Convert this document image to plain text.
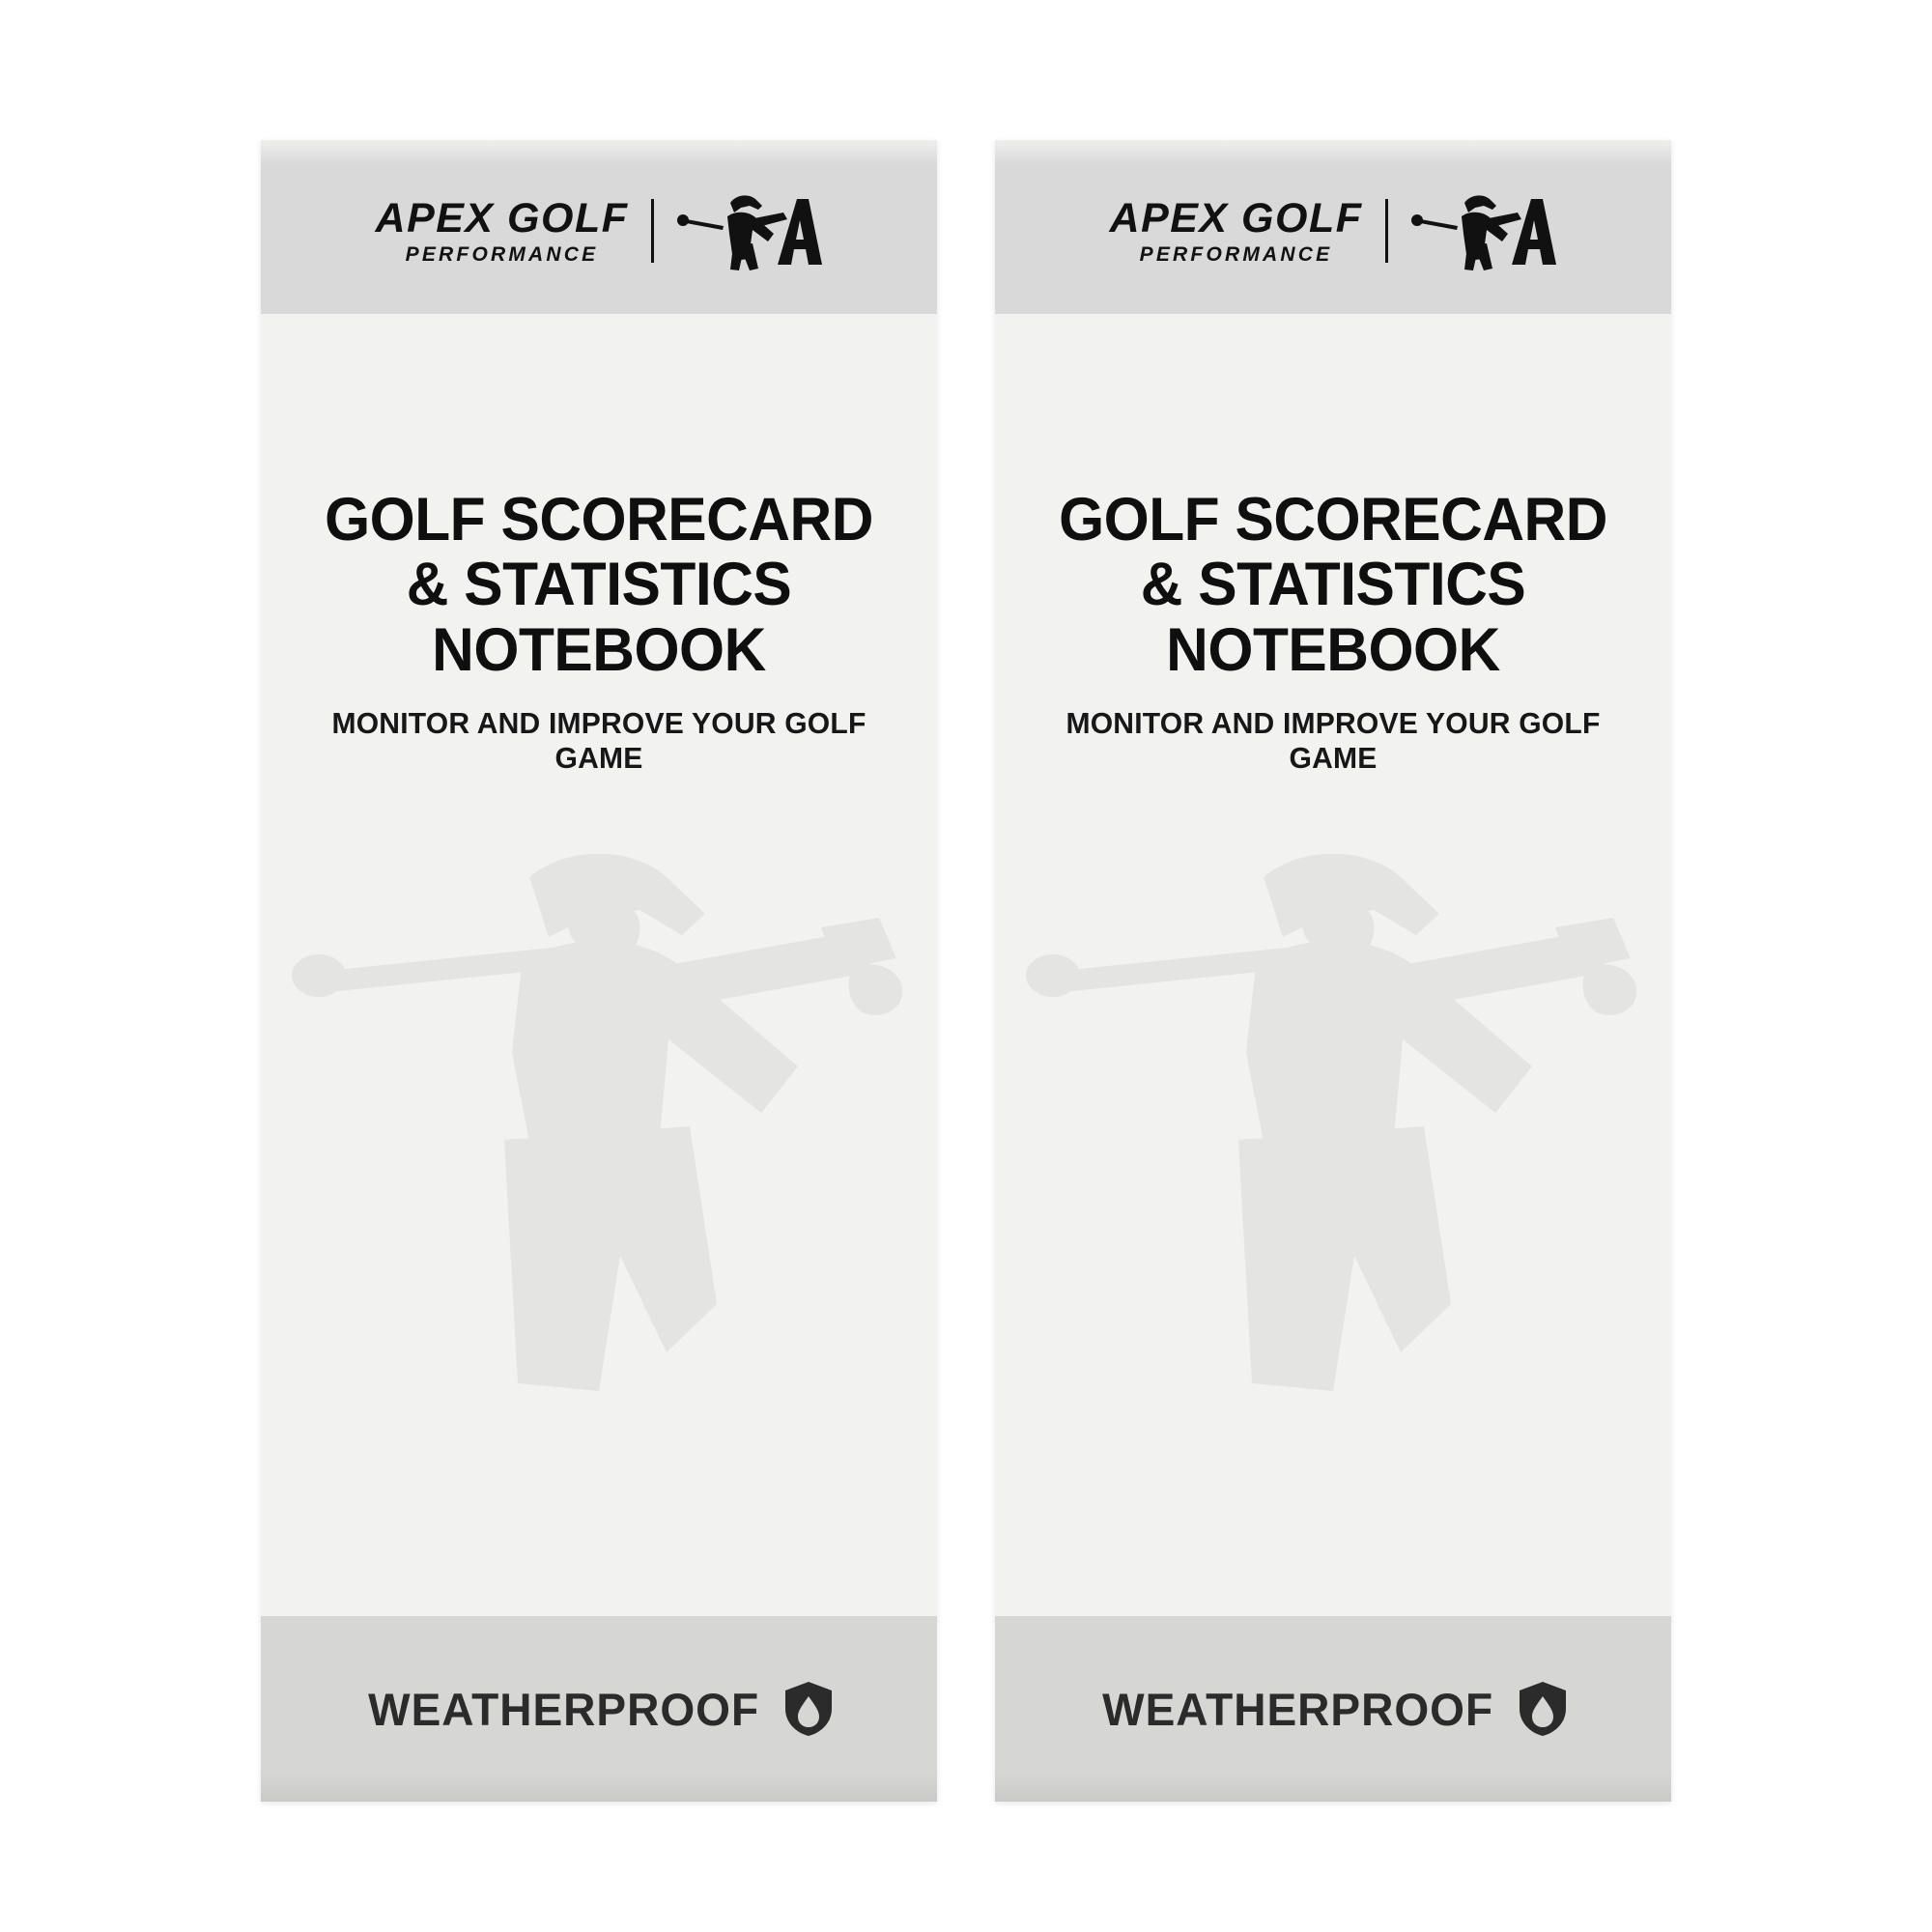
APEX GOLF
PERFORMANCE
GOLF SCORECARD & STATISTICS
NOTEBOOK
MONITOR AND IMPROVE YOUR GOLF GAME
WEATHERPROOF
APEX GOLF
PERFORMANCE
GOLF SCORECARD & STATISTICS
NOTEBOOK
MONITOR AND IMPROVE YOUR GOLF GAME
WEATHERPROOF
